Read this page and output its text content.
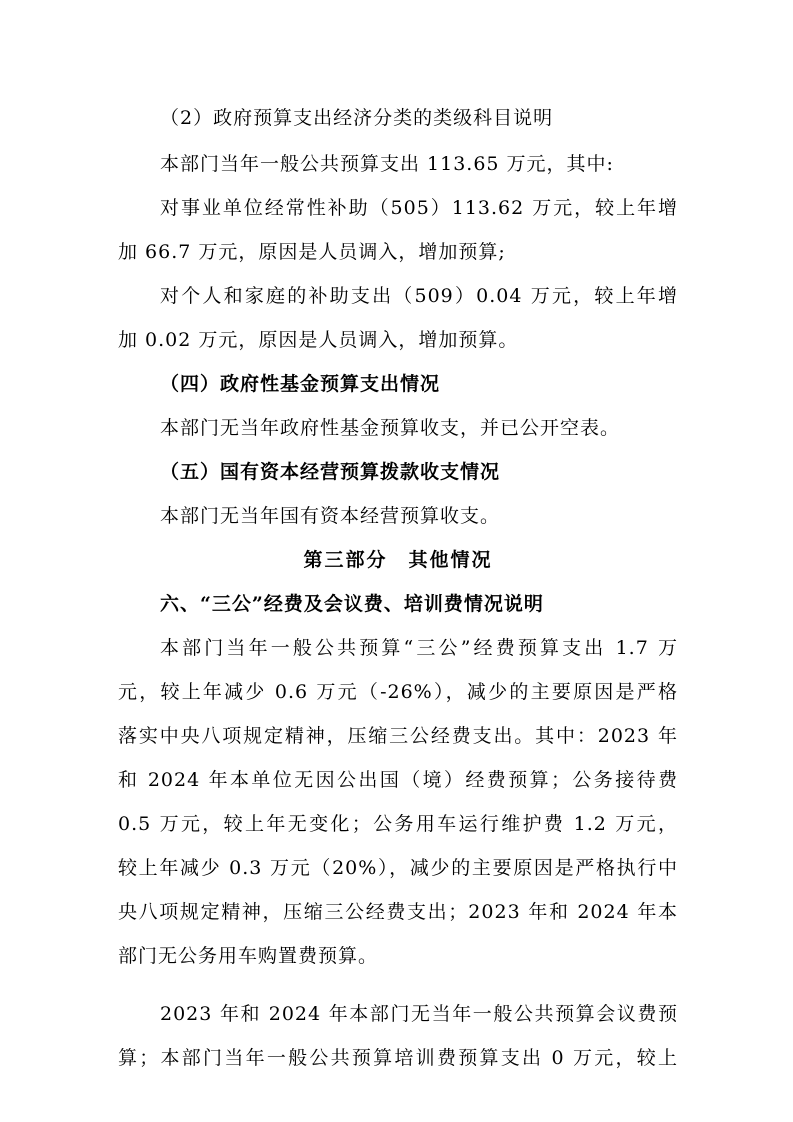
（2）政府预算支出经济分类的类级科目说明
本部门当年一般公共预算支出 113.65 万元，其中:
对事业单位经常性补助（505）113.62 万元，较上年增
加 66.7 万元，原因是人员调入，增加预算;
对个人和家庭的补助支出（509）0.04 万元，较上年增
加 0.02 万元，原因是人员调入，增加预算。
（四）政府性基金预算支出情况
本部门无当年政府性基金预算收支，并已公开空表。
（五）国有资本经营预算拨款收支情况
本部门无当年国有资本经营预算收支。
第三部分　其他情况
六、“三公”经费及会议费、培训费情况说明
本部门当年一般公共预算“三公”经费预算支出 1.7 万
元，较上年减少 0.6 万元（-26%），减少的主要原因是严格
落实中央八项规定精神，压缩三公经费支出。其中：2023 年
和 2024 年本单位无因公出国（境）经费预算；公务接待费
0.5 万元，较上年无变化；公务用车运行维护费 1.2 万元，
较上年减少 0.3 万元（20%），减少的主要原因是严格执行中
央八项规定精神，压缩三公经费支出；2023 年和 2024 年本
部门无公务用车购置费预算。
2023 年和 2024 年本部门无当年一般公共预算会议费预
算；本部门当年一般公共预算培训费预算支出 0 万元，较上
